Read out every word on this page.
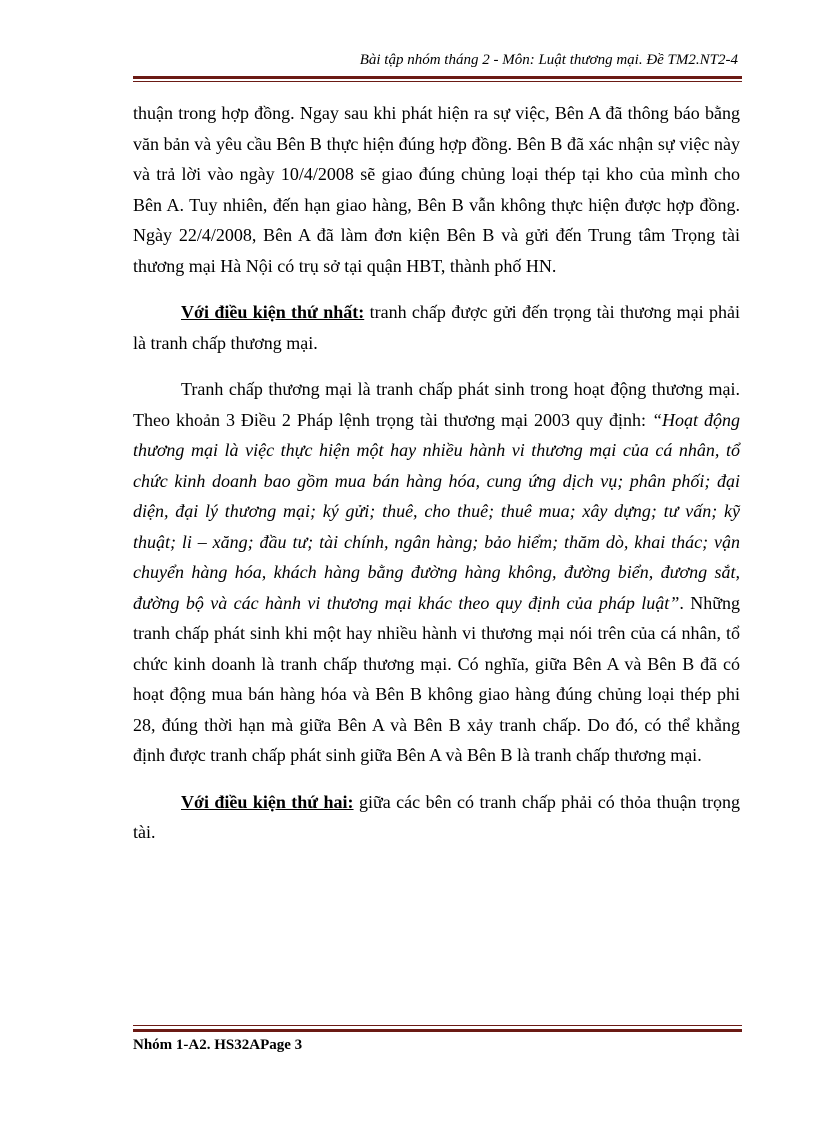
Bài tập nhóm tháng 2 - Môn: Luật thương mại. Đề TM2.NT2-4

thuận trong hợp đồng. Ngay sau khi phát hiện ra sự việc, Bên A đã thông báo bằng văn bản và yêu cầu Bên B thực hiện đúng hợp đồng. Bên B đã xác nhận sự việc này và trả lời vào ngày 10/4/2008 sẽ giao đúng chủng loại thép tại kho của mình cho Bên A. Tuy nhiên, đến hạn giao hàng, Bên B vẫn không thực hiện được hợp đồng. Ngày 22/4/2008, Bên A đã làm đơn kiện Bên B và gửi đến Trung tâm Trọng tài thương mại Hà Nội có trụ sở tại quận HBT, thành phố HN.

Với điều kiện thứ nhất: tranh chấp được gửi đến trọng tài thương mại phải là tranh chấp thương mại.

Tranh chấp thương mại là tranh chấp phát sinh trong hoạt động thương mại. Theo khoản 3 Điều 2 Pháp lệnh trọng tài thương mại 2003 quy định: “Hoạt động thương mại là việc thực hiện một hay nhiều hành vi thương mại của cá nhân, tổ chức kinh doanh bao gồm mua bán hàng hóa, cung ứng dịch vụ; phân phối; đại diện, đại lý thương mại; ký gửi; thuê, cho thuê; thuê mua; xây dựng; tư vấn; kỹ thuật; li – xăng; đầu tư; tài chính, ngân hàng; bảo hiểm; thăm dò, khai thác; vận chuyển hàng hóa, khách hàng bằng đường hàng không, đường biển, đương sắt, đường bộ và các hành vi thương mại khác theo quy định của pháp luật”. Những tranh chấp phát sinh khi một hay nhiều hành vi thương mại nói trên của cá nhân, tổ chức kinh doanh là tranh chấp thương mại. Có nghĩa, giữa Bên A và Bên B đã có hoạt động mua bán hàng hóa và Bên B không giao hàng đúng chủng loại thép phi 28, đúng thời hạn mà giữa Bên A và Bên B xảy tranh chấp. Do đó, có thể khẳng định được tranh chấp phát sinh giữa Bên A và Bên B là tranh chấp thương mại.

Với điều kiện thứ hai: giữa các bên có tranh chấp phải có thỏa thuận trọng tài.

Nhóm 1-A2. HS32APage 3
